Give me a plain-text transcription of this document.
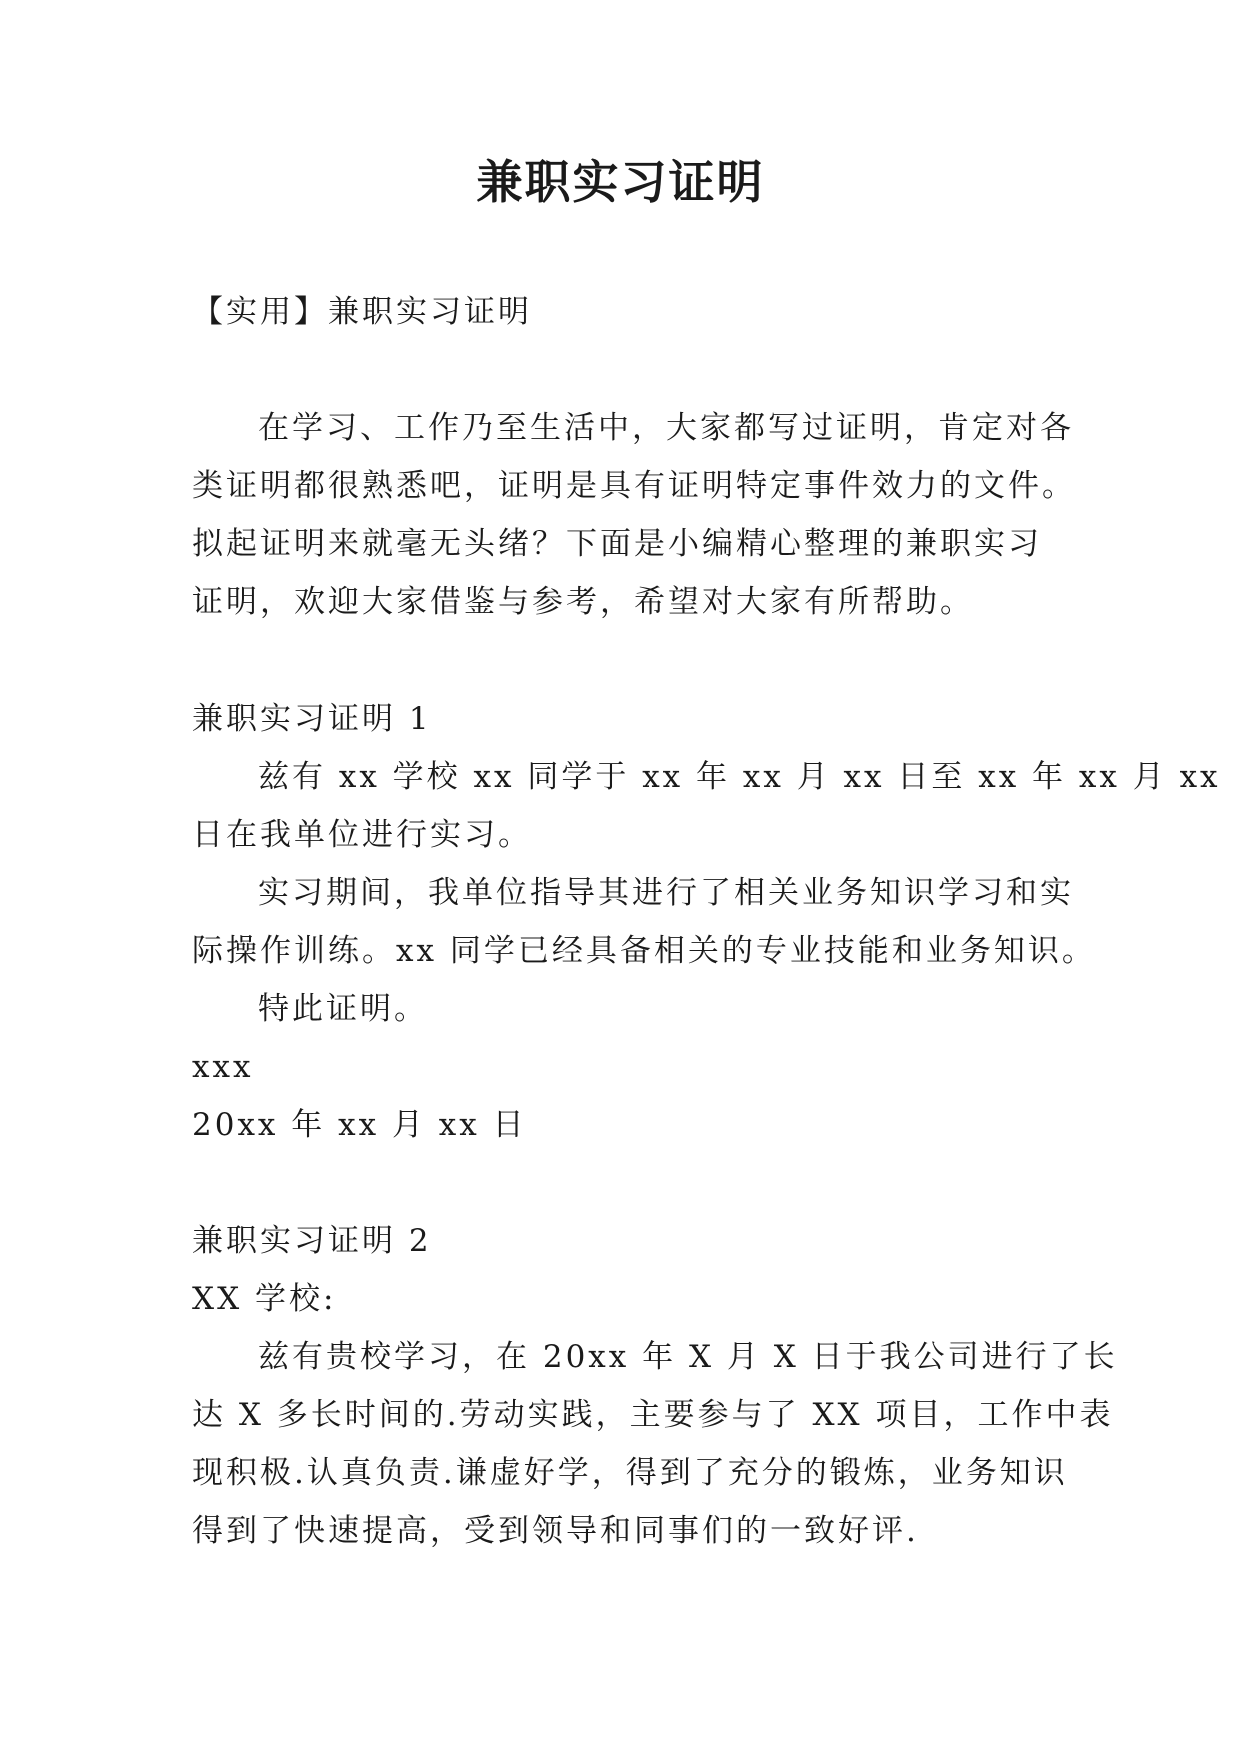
兼职实习证明
【实用】兼职实习证明
在学习、工作乃至生活中，大家都写过证明，肯定对各
类证明都很熟悉吧，证明是具有证明特定事件效力的文件。
拟起证明来就毫无头绪？下面是小编精心整理的兼职实习
证明，欢迎大家借鉴与参考，希望对大家有所帮助。
兼职实习证明 1
兹有 xx 学校 xx 同学于 xx 年 xx 月 xx 日至 xx 年 xx 月 xx
日在我单位进行实习。
实习期间，我单位指导其进行了相关业务知识学习和实
际操作训练。xx 同学已经具备相关的专业技能和业务知识。
特此证明。
xxx
20xx 年 xx 月 xx 日
兼职实习证明 2
XX 学校:
兹有贵校学习，在 20xx 年 X 月 X 日于我公司进行了长
达 X 多长时间的.劳动实践，主要参与了 XX 项目，工作中表
现积极.认真负责.谦虚好学，得到了充分的锻炼，业务知识
得到了快速提高，受到领导和同事们的一致好评.
